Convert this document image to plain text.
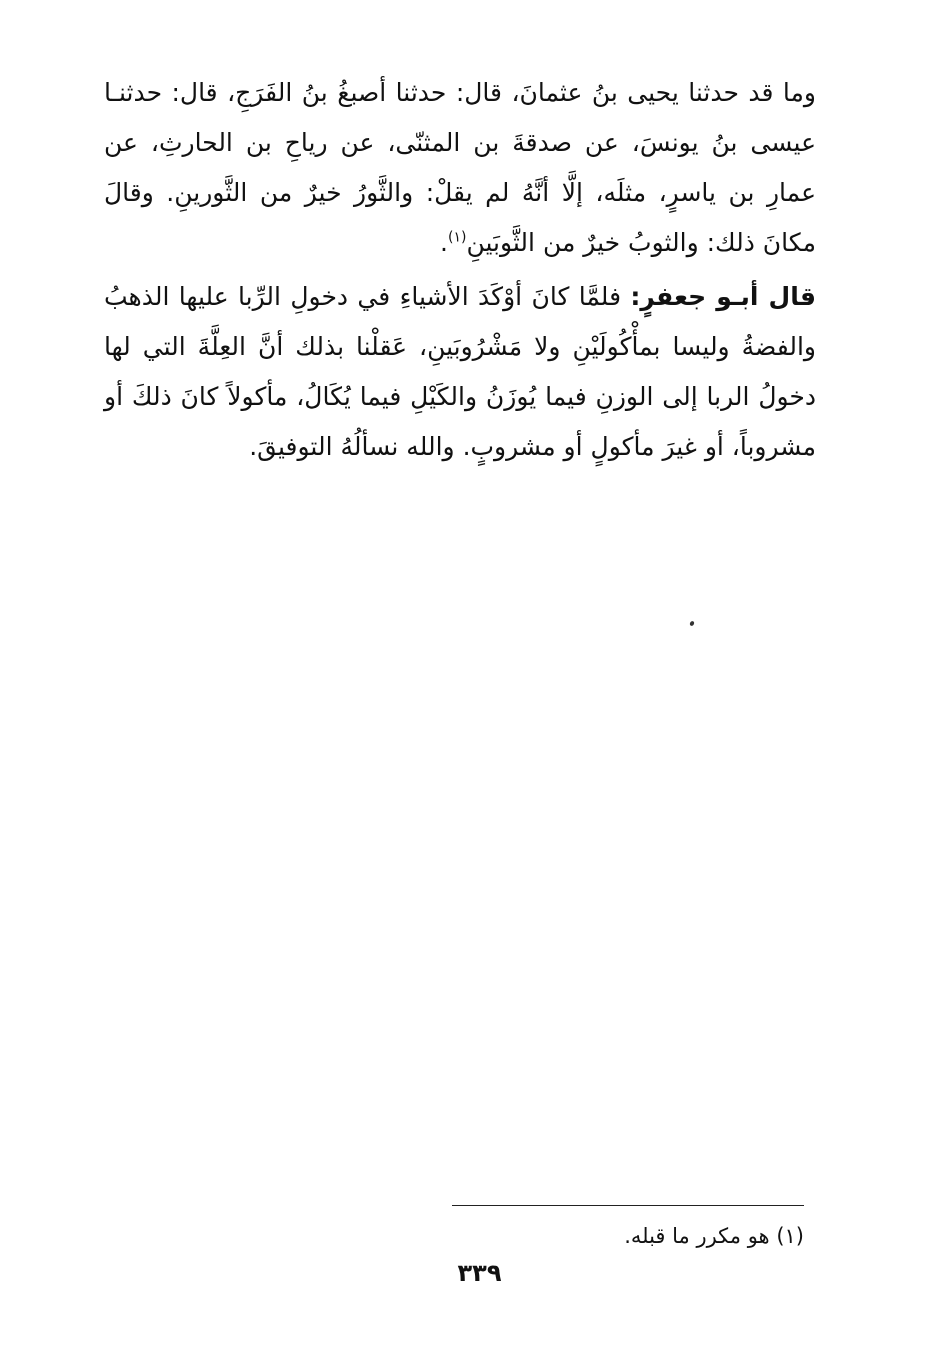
وما قد حدثنا يحيى بنُ عثمانَ، قال: حدثنا أصبغُ بنُ الفَرَجِ، قال: حدثنـا عيسى بنُ يونسَ، عن صدقةَ بن المثنّى، عن رياحِ بن الحارثِ، عن عمارِ بن ياسرٍ، مثلَه، إلَّا أنَّهُ لم يقلْ: والثَّورُ خيرٌ من الثَّورينِ. وقالَ مكانَ ذلك: والثوبُ خيرٌ من الثَّوبَينِ$^{(١)}$.

قال أبـو جعفرٍ: فلمَّا كانَ أوْكَدَ الأشياءِ في دخولِ الرِّبا عليها الذهبُ والفضةُ وليسا بمأْكُولَيْنِ ولا مَشْرُوبَينِ، عَقلْنا بذلك أنَّ العِلَّةَ التي لها دخولُ الربا إلى الوزنِ فيما يُوزَنُ والكَيْلِ فيما يُكَالُ، مأكولاً كانَ ذلكَ أو مشروباً، أو غيرَ مأكولٍ أو مشروبٍ. والله نسألُهُ التوفيقَ.

(١) هو مكرر ما قبله.

٣٣٩
